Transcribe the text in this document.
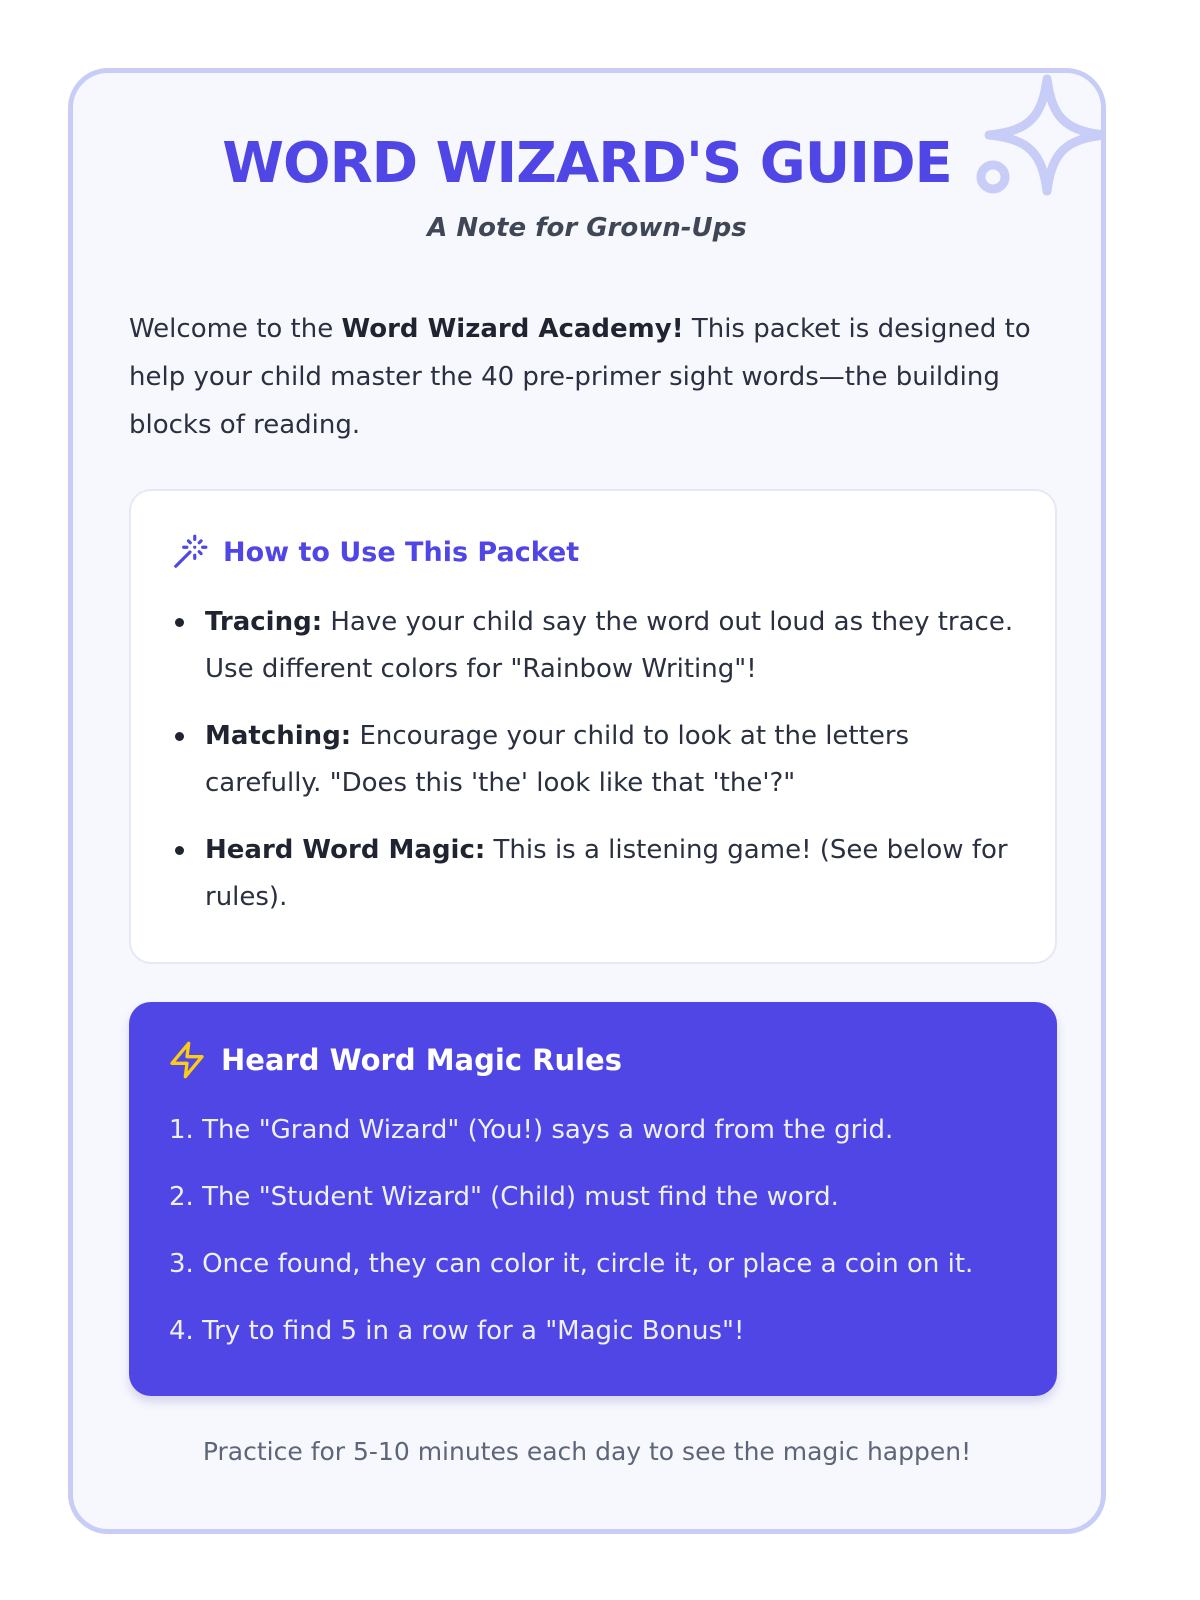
WORD WIZARD'S GUIDE
A Note for Grown-Ups
Welcome to the Word Wizard Academy! This packet is designed to help your child master the 40 pre-primer sight words—the building blocks of reading.
How to Use This Packet
Tracing: Have your child say the word out loud as they trace. Use different colors for "Rainbow Writing"!
Matching: Encourage your child to look at the letters carefully. "Does this 'the' look like that 'the'?"
Heard Word Magic: This is a listening game! (See below for rules).
Heard Word Magic Rules
1. The "Grand Wizard" (You!) says a word from the grid.
2. The "Student Wizard" (Child) must find the word.
3. Once found, they can color it, circle it, or place a coin on it.
4. Try to find 5 in a row for a "Magic Bonus"!
Practice for 5-10 minutes each day to see the magic happen!
